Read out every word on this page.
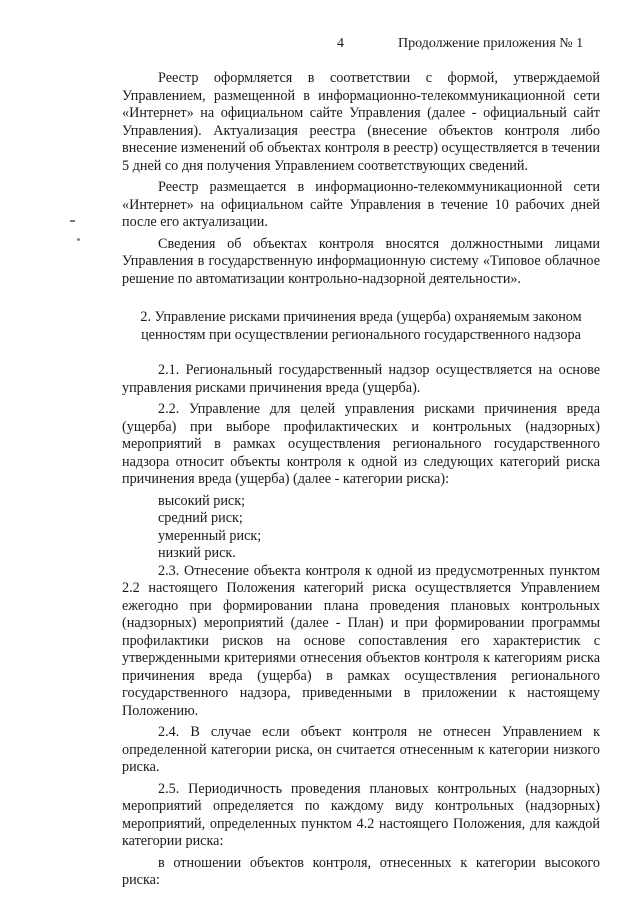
4	Продолжение приложения № 1

Реестр оформляется в соответствии с формой, утверждаемой Управлением, размещенной в информационно-телекоммуникационной сети «Интернет» на официальном сайте Управления (далее - официальный сайт Управления). Актуализация реестра (внесение объектов контроля либо внесение изменений об объектах контроля в реестр) осуществляется в течении 5 дней со дня получения Управлением соответствующих сведений.

Реестр размещается в информационно-телекоммуникационной сети «Интернет» на официальном сайте Управления в течение 10 рабочих дней после его актуализации.

Сведения об объектах контроля вносятся должностными лицами Управления в государственную информационную систему «Типовое облачное решение по автоматизации контрольно-надзорной деятельности».

2. Управление рисками причинения вреда (ущерба) охраняемым законом ценностям при осуществлении регионального государственного надзора

2.1. Региональный государственный надзор осуществляется на основе управления рисками причинения вреда (ущерба).

2.2. Управление для целей управления рисками причинения вреда (ущерба) при выборе профилактических и контрольных (надзорных) мероприятий в рамках осуществления регионального государственного надзора относит объекты контроля к одной из следующих категорий риска причинения вреда (ущерба) (далее - категории риска):

высокий риск;
средний риск;
умеренный риск;
низкий риск.

2.3. Отнесение объекта контроля к одной из предусмотренных пунктом 2.2 настоящего Положения категорий риска осуществляется Управлением ежегодно при формировании плана проведения плановых контрольных (надзорных) мероприятий (далее - План) и при формировании программы профилактики рисков на основе сопоставления его характеристик с утвержденными критериями отнесения объектов контроля к категориям риска причинения вреда (ущерба) в рамках осуществления регионального государственного надзора, приведенными в приложении к настоящему Положению.

2.4. В случае если объект контроля не отнесен Управлением к определенной категории риска, он считается отнесенным к категории низкого риска.

2.5. Периодичность проведения плановых контрольных (надзорных) мероприятий определяется по каждому виду контрольных (надзорных) мероприятий, определенных пунктом 4.2 настоящего Положения, для каждой категории риска:

в отношении объектов контроля, отнесенных к категории высокого риска:
